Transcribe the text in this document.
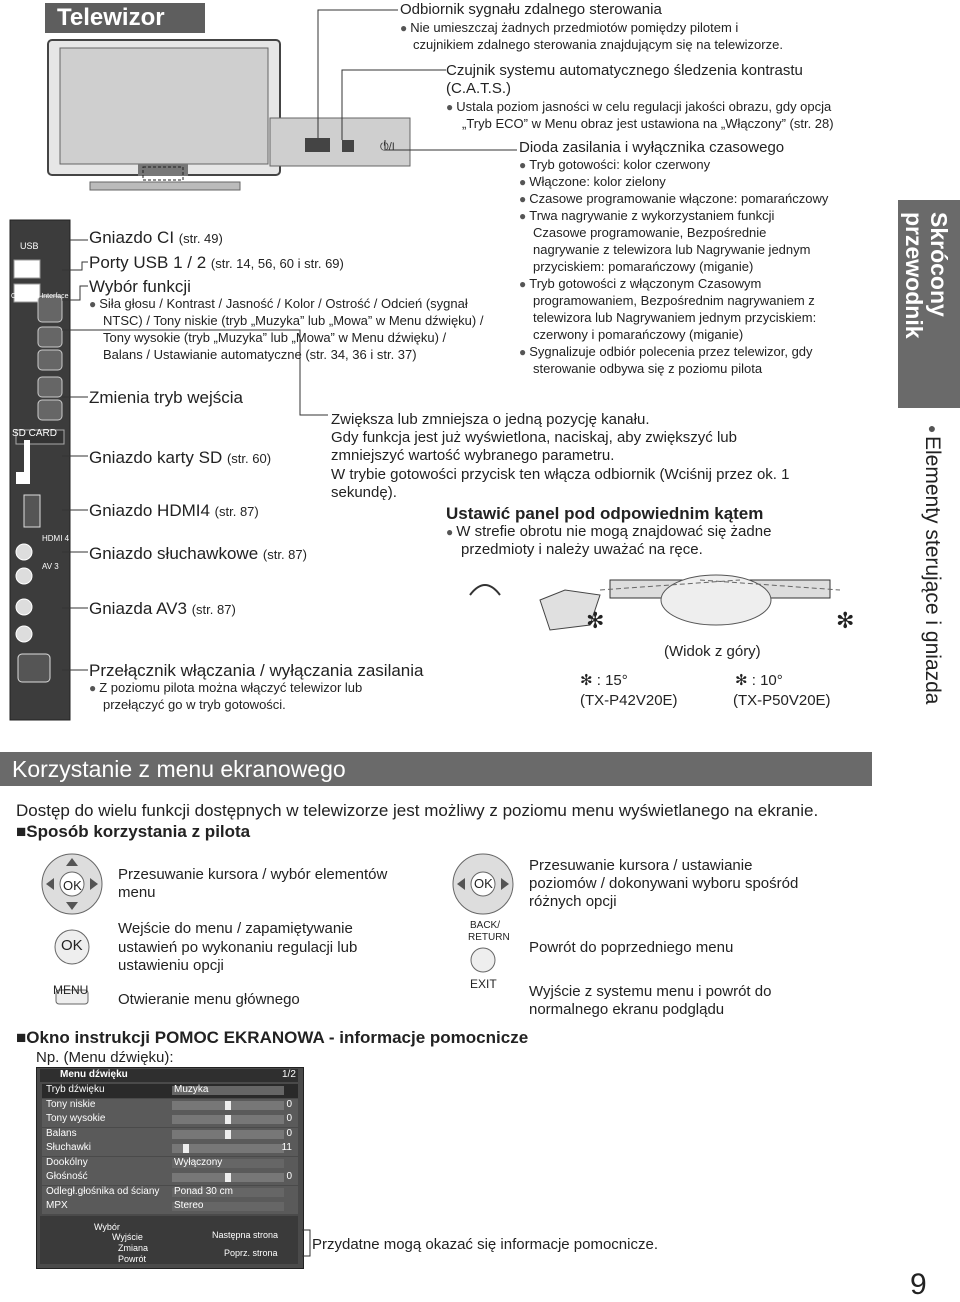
Telewizor
Skrócony
przewodnik
●Elementy sterujące i gniazda
⏻/I
USB
Common Interface
SD CARD
HDMI 4
AV 3
Odbiornik sygnału zdalnego sterowania
● Nie umieszczaj żadnych przedmiotów pomiędzy pilotem i
czujnikiem zdalnego sterowania znajdującym się na telewizorze.
Czujnik systemu automatycznego śledzenia kontrastu
(C.A.T.S.)
● Ustala poziom jasności w celu regulacji jakości obrazu, gdy opcja
„Tryb ECO” w Menu obraz jest ustawiona na „Włączony” (str. 28)
Dioda zasilania i wyłącznika czasowego
● Tryb gotowości: kolor czerwony
● Włączone: kolor zielony
● Czasowe programowanie włączone: pomarańczowy
● Trwa nagrywanie z wykorzystaniem funkcji
Czasowe programowanie, Bezpośrednie
nagrywanie z telewizora lub Nagrywanie jednym
przyciskiem: pomarańczowy (miganie)
● Tryb gotowości z włączonym Czasowym
programowaniem, Bezpośrednim nagrywaniem z
telewizora lub Nagrywaniem jednym przyciskiem:
czerwony i pomarańczowy (miganie)
● Sygnalizuje odbiór polecenia przez telewizor, gdy
sterowanie odbywa się z poziomu pilota
Gniazdo CI (str. 49)
Porty USB 1 / 2 (str. 14, 56, 60 i str. 69)
Wybór funkcji
● Siła głosu / Kontrast / Jasność / Kolor / Ostrość / Odcień (sygnał
NTSC) / Tony niskie (tryb „Muzyka” lub „Mowa” w Menu dźwięku) /
Tony wysokie (tryb „Muzyka” lub „Mowa” w Menu dźwięku) /
Balans / Ustawianie automatyczne (str. 34, 36 i str. 37)
Zmienia tryb wejścia
Gniazdo karty SD (str. 60)
Gniazdo HDMI4 (str. 87)
Gniazdo słuchawkowe (str. 87)
Gniazda AV3 (str. 87)
Przełącznik włączania / wyłączania zasilania
● Z poziomu pilota można włączyć telewizor lub
przełączyć go w tryb gotowości.
Zwiększa lub zmniejsza o jedną pozycję kanału.
Gdy funkcja jest już wyświetlona, naciskaj, aby zwiększyć lub
zmniejszyć wartość wybranego parametru.
W trybie gotowości przycisk ten włącza odbiornik (Wciśnij przez ok. 1
sekundę).
Ustawić panel pod odpowiednim kątem
● W strefie obrotu nie mogą znajdować się żadne
przedmioty i należy uważać na ręce.
✻	✻
(Widok z góry)
✻ : 15°
(TX-P42V20E)
✻ : 10°
(TX-P50V20E)
Korzystanie z menu ekranowego
Dostęp do wielu funkcji dostępnych w telewizorze jest możliwy z poziomu menu wyświetlanego na ekranie.
■Sposób korzystania z pilota
OK
OK
MENU
OK
BACK/
RETURN
EXIT
Przesuwanie kursora / wybór elementów
menu
Wejście do menu / zapamiętywanie
ustawień po wykonaniu regulacji lub
ustawieniu opcji
Otwieranie menu głównego
Przesuwanie kursora / ustawianie
poziomów / dokonywani wyboru spośród
różnych opcji
Powrót do poprzedniego menu
Wyjście z systemu menu i powrót do
normalnego ekranu podglądu
■Okno instrukcji POMOC EKRANOWA - informacje pomocnicze
Np. (Menu dźwięku):
Menu dźwięku	1/2
Tryb dźwięku	Muzyka
Tony niskie	0
Tony wysokie	0
Balans	0
Słuchawki	11
Dookólny	Wyłączony
Głośność	0
Odległ.głośnika od ściany Ponad 30 cm
MPX	Stereo
Wybór
Wyjście
Zmiana
Powrót
Następna strona
Poprz. strona Przydatne mogą okazać się informacje pomocnicze.
9
